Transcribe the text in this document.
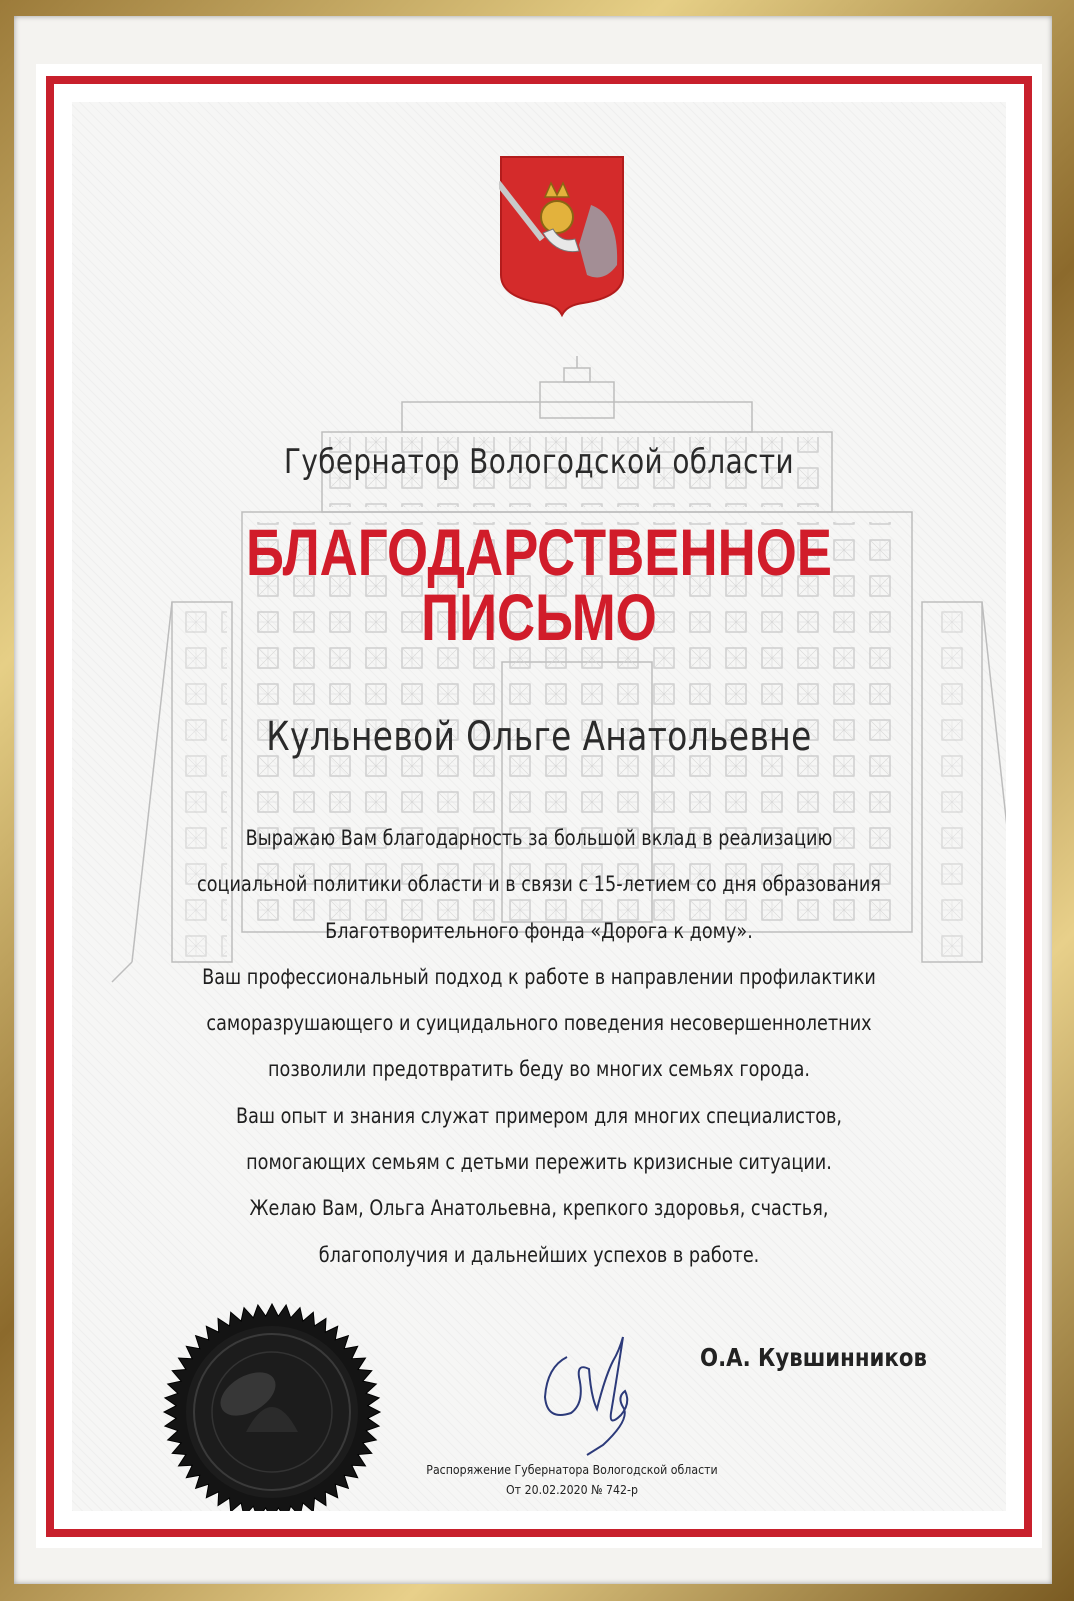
Губернатор Вологодской области
БЛАГОДАРСТВЕННОЕ
ПИСЬМО
Кульневой Ольге Анатольевне
Выражаю Вам благодарность за большой вклад в реализацию
социальной политики области и в связи с 15-летием со дня образования
Благотворительного фонда «Дорога к дому».
Ваш профессиональный подход к работе в направлении профилактики
саморазрушающего и суицидального поведения несовершеннолетних
позволили предотвратить беду во многих семьях города.
Ваш опыт и знания служат примером для многих специалистов,
помогающих семьям с детьми пережить кризисные ситуации.
Желаю Вам, Ольга Анатольевна, крепкого здоровья, счастья,
благополучия и дальнейших успехов в работе.
О.А. Кувшинников
Распоряжение Губернатора Вологодской области
От 20.02.2020 № 742-р
